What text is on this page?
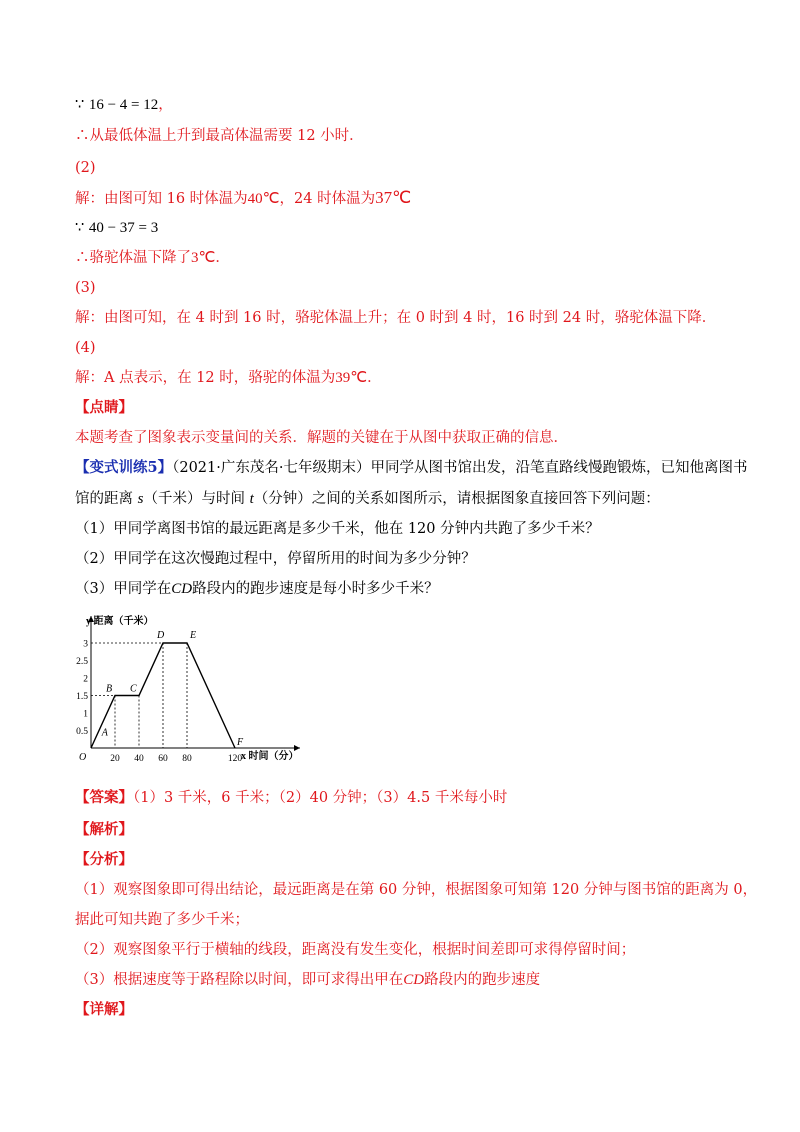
∵ 16 − 4 = 12，
∴从最低体温上升到最高体温需要 12 小时．
(2)
解：由图可知 16 时体温为40℃，24 时体温为37℃
∵ 40 − 37 = 3
∴骆驼体温下降了3℃．
(3)
解：由图可知，在 4 时到 16 时，骆驼体温上升；在 0 时到 4 时，16 时到 24 时，骆驼体温下降．
(4)
解：A 点表示，在 12 时，骆驼的体温为39℃．
【点睛】
本题考查了图象表示变量间的关系．解题的关键在于从图中获取正确的信息．
【变式训练5】（2021·广东茂名·七年级期末）甲同学从图书馆出发，沿笔直路线慢跑锻炼，已知他离图书
馆的距离 s（千米）与时间 t（分钟）之间的关系如图所示，请根据图象直接回答下列问题：
（1）甲同学离图书馆的最远距离是多少千米，他在 120 分钟内共跑了多少千米？
（2）甲同学在这次慢跑过程中，停留所用的时间为多少分钟？
（3）甲同学在CD路段内的跑步速度是每小时多少千米？
20 40 60 80	120
0.5
1
1.5
2
2.5
3
A
B C
D	E
F
y 距离（千米）
x 时间（分）
O
【答案】（1）3 千米，6 千米；（2）40 分钟；（3）4.5 千米每小时
【解析】
【分析】
（1）观察图象即可得出结论，最远距离是在第 60 分钟，根据图象可知第 120 分钟与图书馆的距离为 0，
据此可知共跑了多少千米；
（2）观察图象平行于横轴的线段，距离没有发生变化，根据时间差即可求得停留时间；
（3）根据速度等于路程除以时间，即可求得出甲在CD路段内的跑步速度
【详解】
